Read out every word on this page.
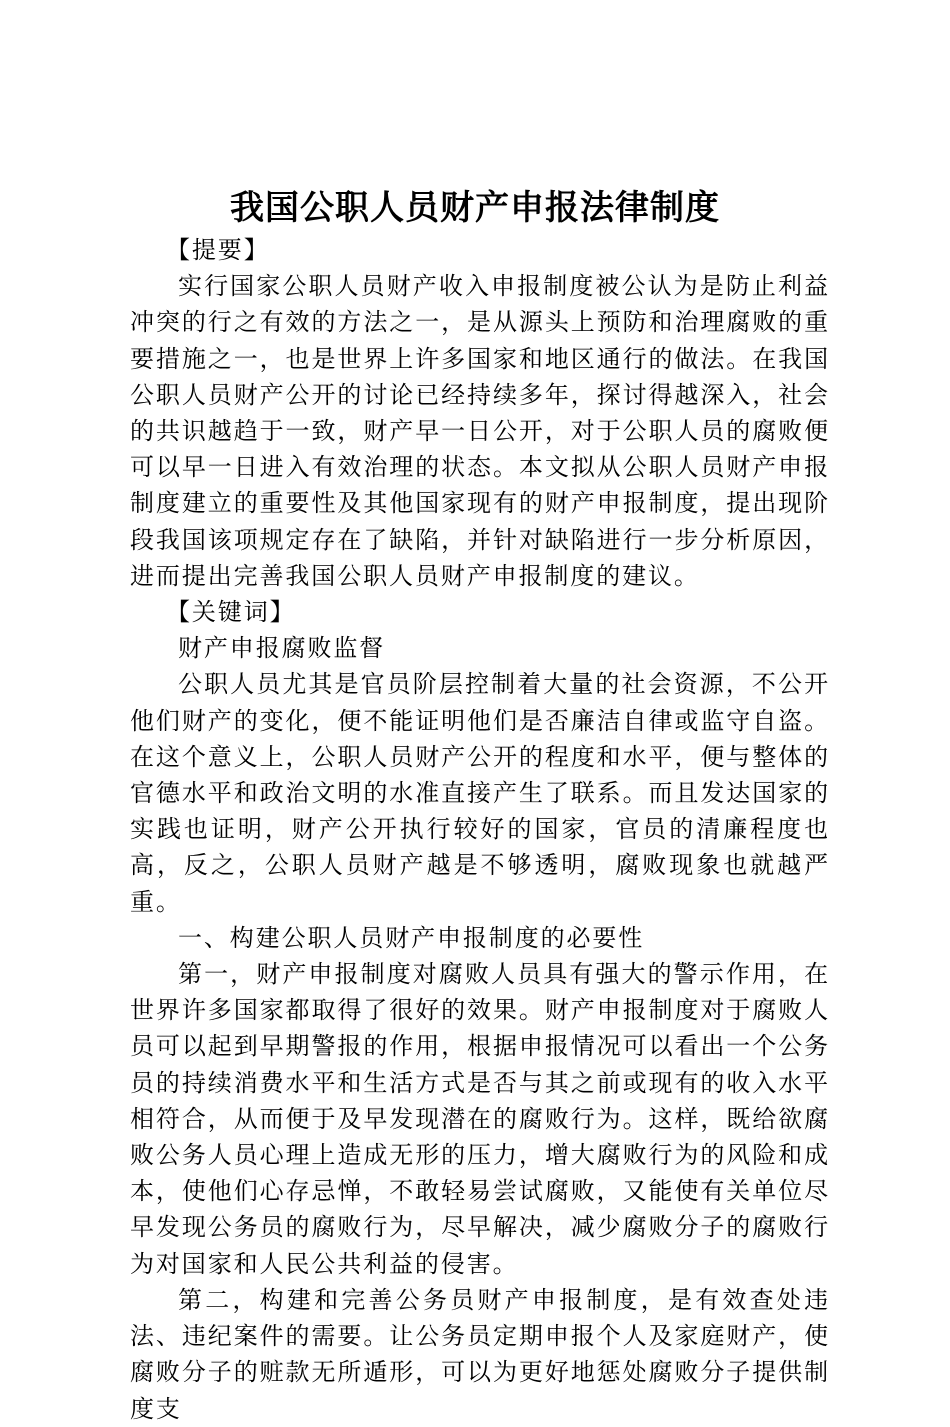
我国公职人员财产申报法律制度

【提要】

实行国家公职人员财产收入申报制度被公认为是防止利益冲突的行之有效的方法之一，是从源头上预防和治理腐败的重要措施之一，也是世界上许多国家和地区通行的做法。在我国公职人员财产公开的讨论已经持续多年，探讨得越深入，社会的共识越趋于一致，财产早一日公开，对于公职人员的腐败便可以早一日进入有效治理的状态。本文拟从公职人员财产申报制度建立的重要性及其他国家现有的财产申报制度，提出现阶段我国该项规定存在了缺陷，并针对缺陷进行一步分析原因，进而提出完善我国公职人员财产申报制度的建议。

【关键词】

财产申报腐败监督

公职人员尤其是官员阶层控制着大量的社会资源，不公开他们财产的变化，便不能证明他们是否廉洁自律或监守自盗。在这个意义上，公职人员财产公开的程度和水平，便与整体的官德水平和政治文明的水准直接产生了联系。而且发达国家的实践也证明，财产公开执行较好的国家，官员的清廉程度也高，反之，公职人员财产越是不够透明，腐败现象也就越严重。

一、构建公职人员财产申报制度的必要性

第一，财产申报制度对腐败人员具有强大的警示作用，在世界许多国家都取得了很好的效果。财产申报制度对于腐败人员可以起到早期警报的作用，根据申报情况可以看出一个公务员的持续消费水平和生活方式是否与其之前或现有的收入水平相符合，从而便于及早发现潜在的腐败行为。这样，既给欲腐败公务人员心理上造成无形的压力，增大腐败行为的风险和成本，使他们心存忌惮，不敢轻易尝试腐败，又能使有关单位尽早发现公务员的腐败行为，尽早解决，减少腐败分子的腐败行为对国家和人民公共利益的侵害。

第二，构建和完善公务员财产申报制度，是有效查处违法、违纪案件的需要。让公务员定期申报个人及家庭财产，使腐败分子的赃款无所遁形，可以为更好地惩处腐败分子提供制度支
